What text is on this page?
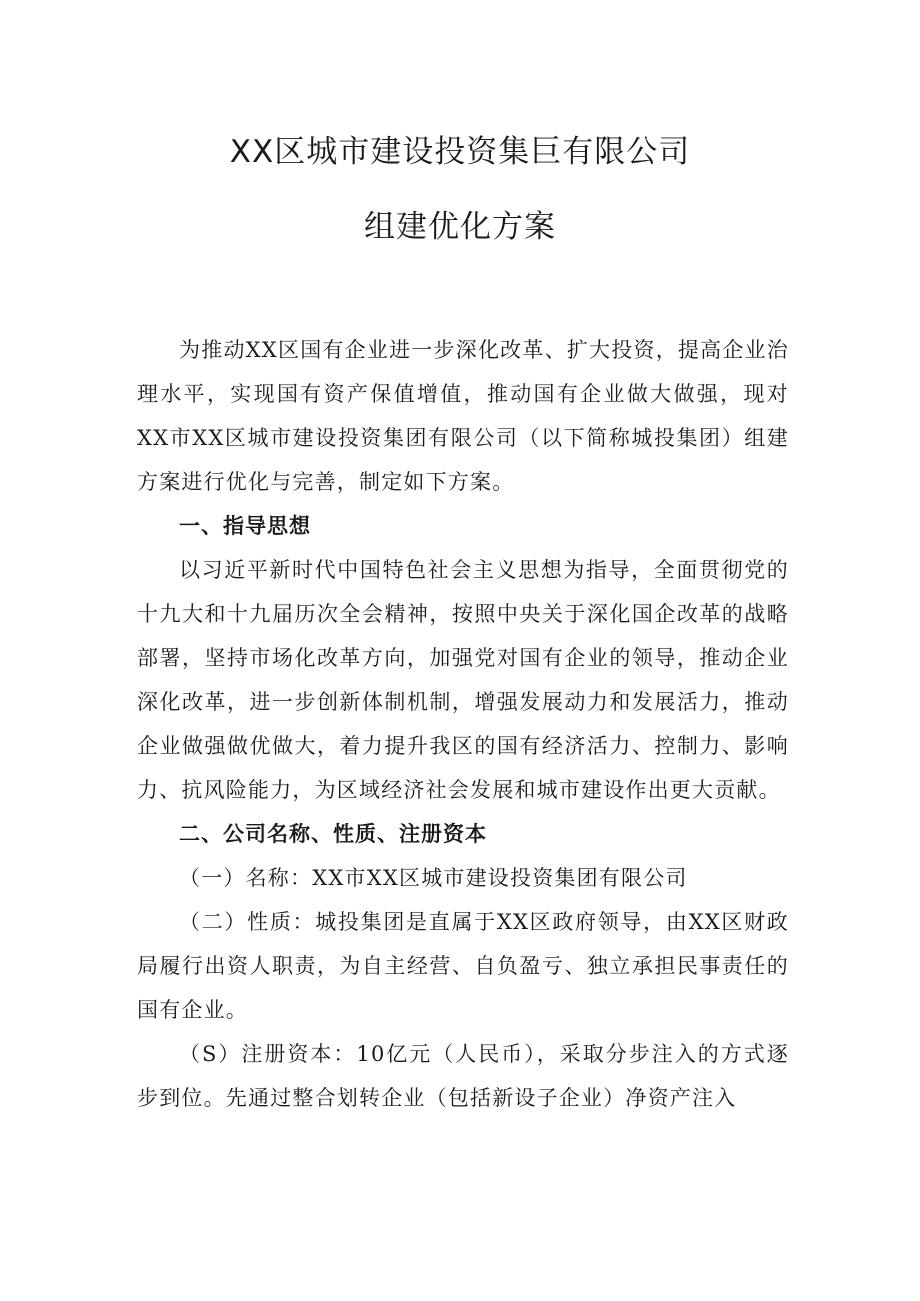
XX区城市建设投资集巨有限公司
组建优化方案

为推动XX区国有企业进一步深化改革、扩大投资，提高企业治理水平，实现国有资产保值增值，推动国有企业做大做强，现对XX市XX区城市建设投资集团有限公司（以下简称城投集团）组建方案进行优化与完善，制定如下方案。

一、指导思想

以习近平新时代中国特色社会主义思想为指导，全面贯彻党的十九大和十九届历次全会精神，按照中央关于深化国企改革的战略部署，坚持市场化改革方向，加强党对国有企业的领导，推动企业深化改革，进一步创新体制机制，增强发展动力和发展活力，推动企业做强做优做大，着力提升我区的国有经济活力、控制力、影响力、抗风险能力，为区域经济社会发展和城市建设作出更大贡献。

二、公司名称、性质、注册资本

（一）名称：XX市XX区城市建设投资集团有限公司

（二）性质：城投集团是直属于XX区政府领导，由XX区财政局履行出资人职责，为自主经营、自负盈亏、独立承担民事责任的国有企业。

（S）注册资本：10亿元（人民币），采取分步注入的方式逐步到位。先通过整合划转企业（包括新设子企业）净资产注入
